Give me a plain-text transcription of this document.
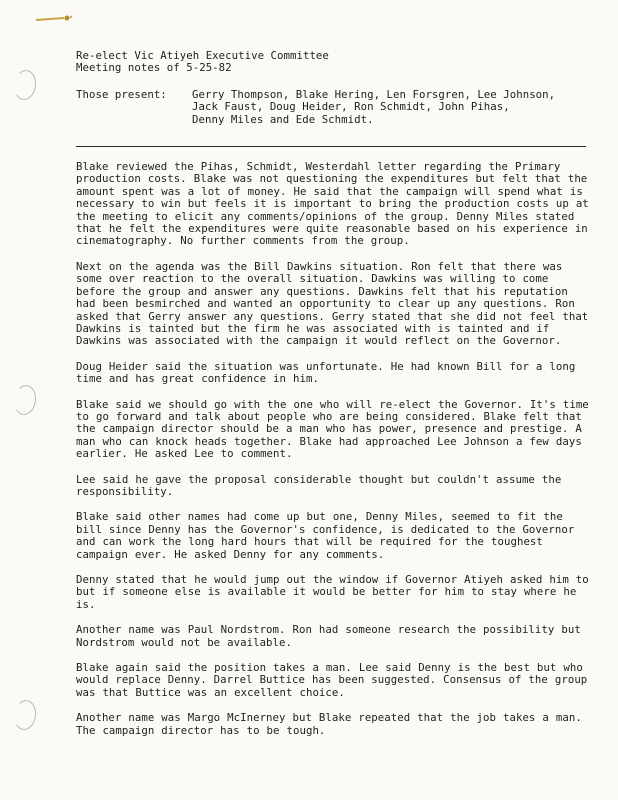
Re-elect Vic Atiyeh Executive Committee
Meeting notes of 5-25-82
Those present:	Gerry Thompson, Blake Hering, Len Forsgren, Lee Johnson,
Jack Faust, Doug Heider, Ron Schmidt, John Pihas,
Denny Miles and Ede Schmidt.

Blake reviewed the Pihas, Schmidt, Westerdahl letter regarding the Primary production costs. Blake was not questioning the expenditures but felt that the amount spent was a lot of money. He said that the campaign will spend what is necessary to win but feels it is important to bring the production costs up at the meeting to elicit any comments/opinions of the group. Denny Miles stated that he felt the expenditures were quite reasonable based on his experience in cinematography. No further comments from the group.

Next on the agenda was the Bill Dawkins situation. Ron felt that there was some over reaction to the overall situation. Dawkins was willing to come before the group and answer any questions. Dawkins felt that his reputation had been besmirched and wanted an opportunity to clear up any questions. Ron asked that Gerry answer any questions. Gerry stated that she did not feel that Dawkins is tainted but the firm he was associated with is tainted and if Dawkins was associated with the campaign it would reflect on the Governor.

Doug Heider said the situation was unfortunate. He had known Bill for a long time and has great confidence in him.

Blake said we should go with the one who will re-elect the Governor. It's time to go forward and talk about people who are being considered. Blake felt that the campaign director should be a man who has power, presence and prestige. A man who can knock heads together. Blake had approached Lee Johnson a few days earlier. He asked Lee to comment.

Lee said he gave the proposal considerable thought but couldn't assume the responsibility.

Blake said other names had come up but one, Denny Miles, seemed to fit the bill since Denny has the Governor's confidence, is dedicated to the Governor and can work the long hard hours that will be required for the toughest campaign ever. He asked Denny for any comments.

Denny stated that he would jump out the window if Governor Atiyeh asked him to but if someone else is available it would be better for him to stay where he is.

Another name was Paul Nordstrom. Ron had someone research the possibility but Nordstrom would not be available.

Blake again said the position takes a man. Lee said Denny is the best but who would replace Denny. Darrel Buttice has been suggested. Consensus of the group was that Buttice was an excellent choice.

Another name was Margo McInerney but Blake repeated that the job takes a man. The campaign director has to be tough.
